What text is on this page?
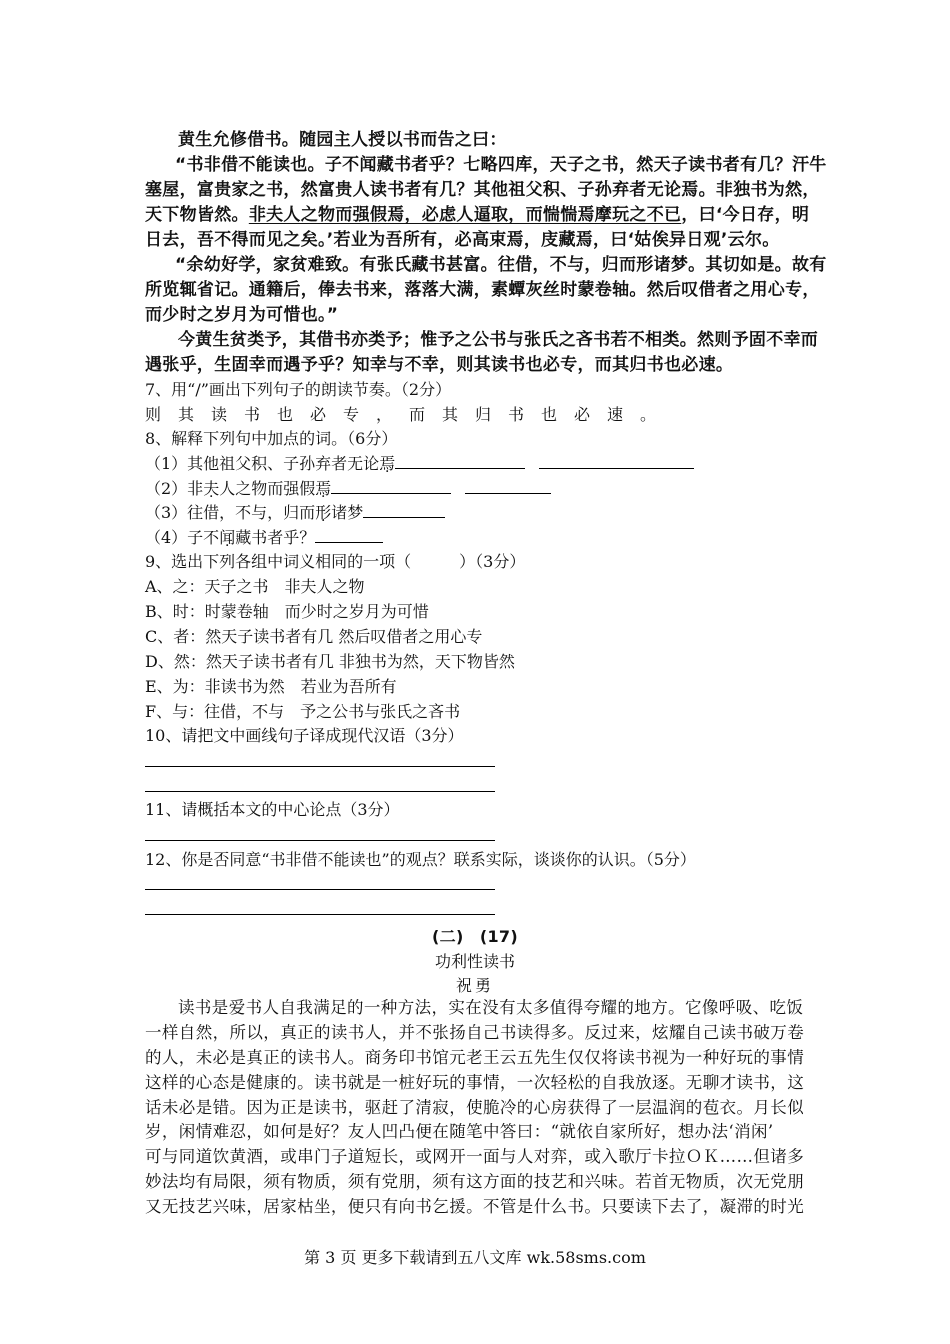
黄生允修借书。随园主人授以书而告之曰：
“书非借不能读也。子不闻藏书者乎？七略四库，天子之书，然天子读书者有几？汗牛
塞屋，富贵家之书，然富贵人读书者有几？其他祖父积、子孙弃者无论焉。非独书为然，
天下物皆然。非夫人之物而强假焉，必虑人逼取，而惴惴焉摩玩之不已，曰‘今日存，明
日去，吾不得而见之矣。’若业为吾所有，必高束焉，庋藏焉，曰‘姑俟异日观’云尔。
“余幼好学，家贫难致。有张氏藏书甚富。往借，不与，归而形诸梦。其切如是。故有
所览辄省记。通籍后，俸去书来，落落大满，素蟫灰丝时蒙卷轴。然后叹借者之用心专，
而少时之岁月为可惜也。”
今黄生贫类予，其借书亦类予；惟予之公书与张氏之吝书若不相类。然则予固不幸而
遇张乎，生固幸而遇予乎？知幸与不幸，则其读书也必专，而其归书也必速。
7、用“/”画出下列句子的朗读节奏。（2分）
则其读书也必专，而其归书也必速。
8、解释下列句中加点的词。（6分）
（1）其他祖父积、子孙弃者无论焉
（2）非夫人之物而强假焉
（3）往借，不与，归而形诸梦
（4）子不闻藏书者乎？
9、选出下列各组中词义相同的一项（　　　）（3分）
A、之：天子之书　非夫人之物
B、时：时蒙卷轴　而少时之岁月为可惜
C、者：然天子读书者有几 然后叹借者之用心专
D、然：然天子读书者有几 非独书为然，天下物皆然
E、为：非读书为然　若业为吾所有
F、与：往借，不与　予之公书与张氏之吝书
10、请把文中画线句子译成现代汉语（3分）
11、请概括本文的中心论点（3分）
12、你是否同意“书非借不能读也”的观点？联系实际，谈谈你的认识。（5分）
(二)　(17)
功利性读书
祝勇
读书是爱书人自我满足的一种方法，实在没有太多值得夸耀的地方。它像呼吸、吃饭
一样自然，所以，真正的读书人，并不张扬自己书读得多。反过来，炫耀自己读书破万卷
的人，未必是真正的读书人。商务印书馆元老王云五先生仅仅将读书视为一种好玩的事情
这样的心态是健康的。读书就是一桩好玩的事情，一次轻松的自我放逐。无聊才读书，这
话未必是错。因为正是读书，驱赶了清寂，使脆冷的心房获得了一层温润的苞衣。月长似
岁，闲情难忍，如何是好？友人凹凸便在随笔中答曰：“就依自家所好，想办法‘消闲’
可与同道饮黄酒，或串门子道短长，或网开一面与人对弈，或入歌厅卡拉ＯＫ……但诸多
妙法均有局限，须有物质，须有党朋，须有这方面的技艺和兴味。若首无物质，次无党朋
又无技艺兴味，居家枯坐，便只有向书乞援。不管是什么书。只要读下去了，凝滞的时光
第 3 页 更多下载请到五八文库 wk.58sms.com
